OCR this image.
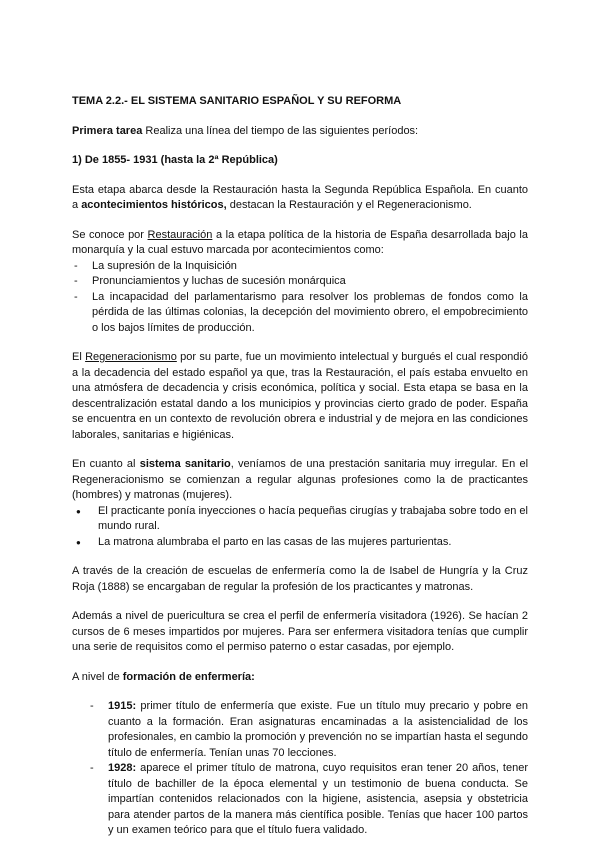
TEMA 2.2.- EL SISTEMA SANITARIO ESPAÑOL Y SU REFORMA

Primera tarea Realiza una línea del tiempo de las siguientes períodos:

1) De 1855- 1931 (hasta la 2ª República)

Esta etapa abarca desde la Restauración hasta la Segunda República Española. En cuanto a acontecimientos históricos, destacan la Restauración y el Regeneracionismo.

Se conoce por Restauración a la etapa política de la historia de España desarrollada bajo la monarquía y la cual estuvo marcada por acontecimientos como:

- La supresión de la Inquisición
- Pronunciamientos y luchas de sucesión monárquica
- La incapacidad del parlamentarismo para resolver los problemas de fondos como la pérdida de las últimas colonias, la decepción del movimiento obrero, el empobrecimiento o los bajos límites de producción.

El Regeneracionismo por su parte, fue un movimiento intelectual y burgués el cual respondió a la decadencia del estado español ya que, tras la Restauración, el país estaba envuelto en una atmósfera de decadencia y crisis económica, política y social. Esta etapa se basa en la descentralización estatal dando a los municipios y provincias cierto grado de poder. España se encuentra en un contexto de revolución obrera e industrial y de mejora en las condiciones laborales, sanitarias e higiénicas.

En cuanto al sistema sanitario, veníamos de una prestación sanitaria muy irregular. En el Regeneracionismo se comienzan a regular algunas profesiones como la de practicantes (hombres) y matronas (mujeres).

● El practicante ponía inyecciones o hacía pequeñas cirugías y trabajaba sobre todo en el mundo rural.
● La matrona alumbraba el parto en las casas de las mujeres parturientas.

A través de la creación de escuelas de enfermería como la de Isabel de Hungría y la Cruz Roja (1888) se encargaban de regular la profesión de los practicantes y matronas.

Además a nivel de puericultura se crea el perfil de enfermería visitadora (1926). Se hacían 2 cursos de 6 meses impartidos por mujeres. Para ser enfermera visitadora tenías que cumplir una serie de requisitos como el permiso paterno o estar casadas, por ejemplo.

A nivel de formación de enfermería:

- 1915: primer título de enfermería que existe. Fue un título muy precario y pobre en cuanto a la formación. Eran asignaturas encaminadas a la asistencialidad de los profesionales, en cambio la promoción y prevención no se impartían hasta el segundo título de enfermería. Tenían unas 70 lecciones.
- 1928: aparece el primer título de matrona, cuyo requisitos eran tener 20 años, tener título de bachiller de la época elemental y un testimonio de buena conducta. Se impartían contenidos relacionados con la higiene, asistencia, asepsia y obstetricia para atender partos de la manera más científica posible. Tenías que hacer 100 partos y un examen teórico para que el título fuera validado.
